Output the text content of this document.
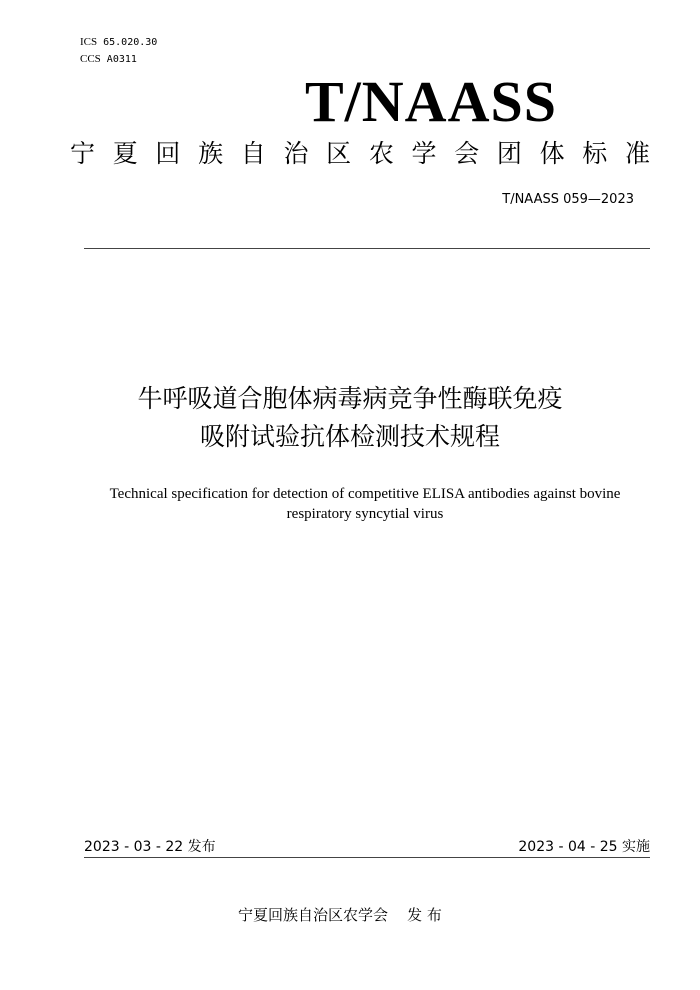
ICS 65.020.30
CCS A0311
T/NAASS
宁 夏 回 族 自 治 区 农 学 会 团 体 标 准
T/NAASS 059—2023
牛呼吸道合胞体病毒病竞争性酶联免疫
吸附试验抗体检测技术规程
Technical specification for detection of competitive ELISA antibodies against bovine
respiratory syncytial virus
2023 - 03 - 22 发布	2023 - 04 - 25 实施
宁夏回族自治区农学会    发 布
